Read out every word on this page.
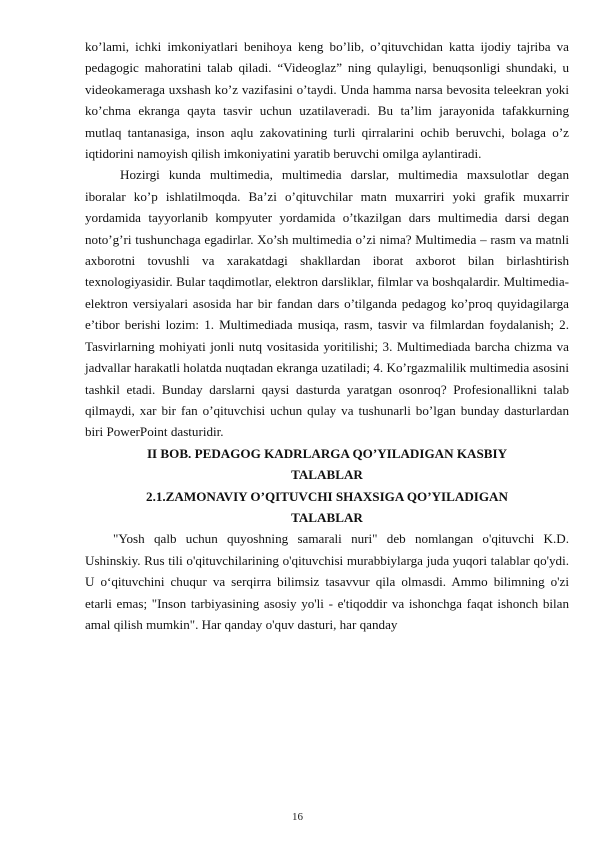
ko’lami, ichki imkoniyatlari benihoya keng bo’lib, o’qituvchidan katta ijodiy tajriba va pedagogic mahoratini talab qiladi. “Videoglaz” ning qulayligi, benuqsonligi shundaki, u videokameraga uxshash ko’z vazifasini o’taydi. Unda hamma narsa bevosita teleekran yoki ko’chma ekranga qayta tasvir uchun uzatilaveradi. Bu ta’lim jarayonida tafakkurning mutlaq tantanasiga, inson aqlu zakovatining turli qirralarini ochib beruvchi, bolaga o’z iqtidorini namoyish qilish imkoniyatini yaratib beruvchi omilga aylantiradi.

Hozirgi kunda multimedia, multimedia darslar, multimedia maxsulotlar degan iboralar ko’p ishlatilmoqda. Ba’zi o’qituvchilar matn muxarriri yoki grafik muxarrir yordamida tayyorlanib kompyuter yordamida o’tkazilgan dars multimedia darsi degan noto’g’ri tushunchaga egadirlar. Xo’sh multimedia o’zi nima? Multimedia – rasm va matnli axborotni tovushli va xarakatdagi shakllardan iborat axborot bilan birlashtirish texnologiyasidir. Bular taqdimotlar, elektron darsliklar, filmlar va boshqalardir. Multimedia-elektron versiyalari asosida har bir fandan dars o’tilganda pedagog ko’proq quyidagilarga e’tibor berishi lozim: 1. Multimediada musiqa, rasm, tasvir va filmlardan foydalanish; 2. Tasvirlarning mohiyati jonli nutq vositasida yoritilishi; 3. Multimediada barcha chizma va jadvallar harakatli holatda nuqtadan ekranga uzatiladi; 4. Ko’rgazmalilik multimedia asosini tashkil etadi. Bunday darslarni qaysi dasturda yaratgan osonroq? Profesionallikni talab qilmaydi, xar bir fan o’qituvchisi uchun qulay va tushunarli bo’lgan bunday dasturlardan biri PowerPoint dasturidir.

II BOB. PEDAGOG KADRLARGA QO’YILADIGAN KASBIY TALABLAR

2.1.ZAMONAVIY O’QITUVCHI SHAXSIGA QO’YILADIGAN TALABLAR

"Yosh qalb uchun quyoshning samarali nuri" deb nomlangan o'qituvchi K.D. Ushinskiy. Rus tili o'qituvchilarining o'qituvchisi murabbiylarga juda yuqori talablar qo'ydi. U o‘qituvchini chuqur va serqirra bilimsiz tasavvur qila olmasdi. Ammo bilimning o'zi etarli emas; "Inson tarbiyasining asosiy yo'li - e'tiqoddir va ishonchga faqat ishonch bilan amal qilish mumkin". Har qanday o'quv dasturi, har qanday

16
